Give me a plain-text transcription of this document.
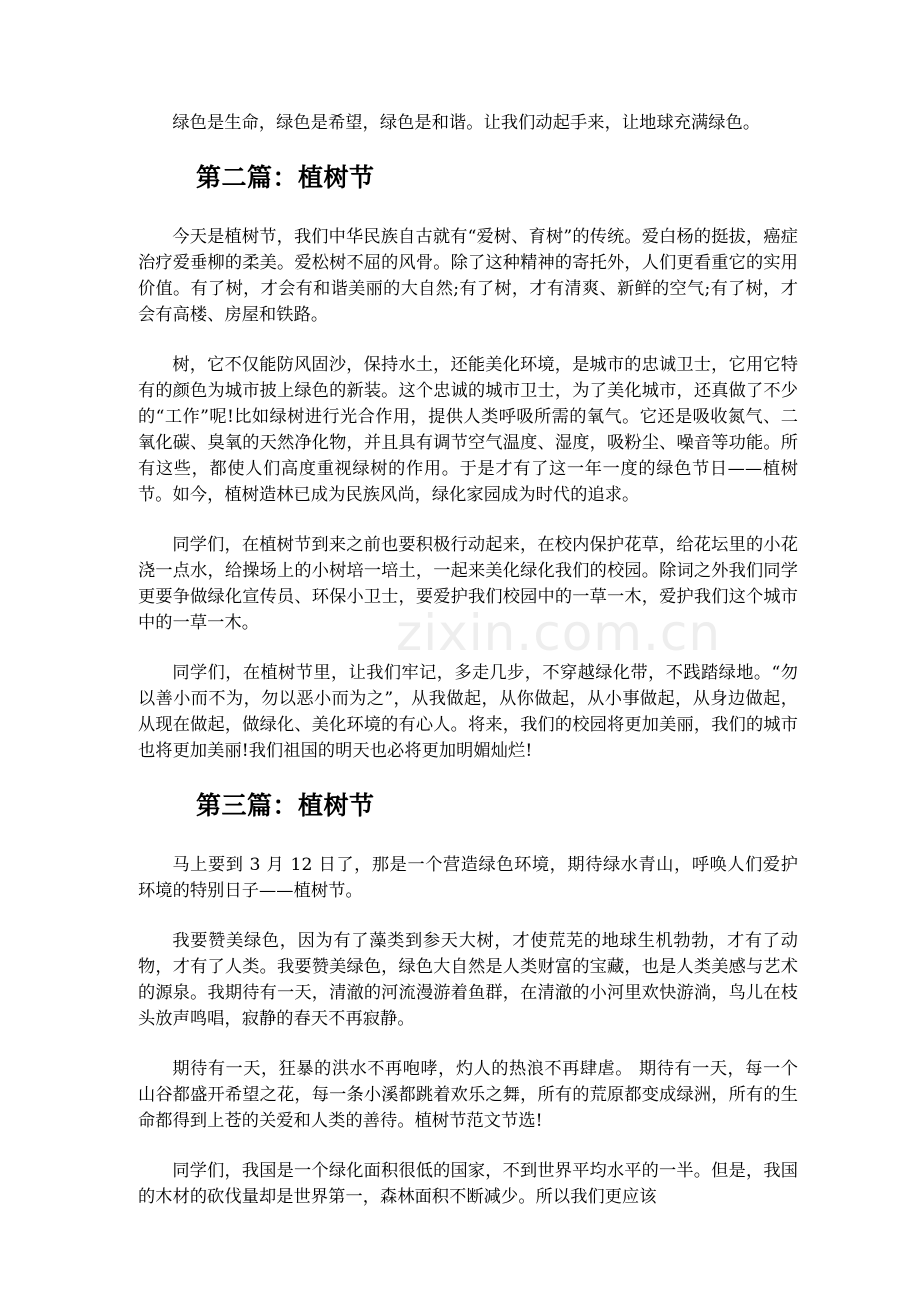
绿色是生命，绿色是希望，绿色是和谐。让我们动起手来，让地球充满绿色。

第二篇：植树节

今天是植树节，我们中华民族自古就有“爱树、育树”的传统。爱白杨的挺拔，癌症治疗爱垂柳的柔美。爱松树不屈的风骨。除了这种精神的寄托外，人们更看重它的实用价值。有了树，才会有和谐美丽的大自然;有了树，才有清爽、新鲜的空气;有了树，才会有高楼、房屋和铁路。

树，它不仅能防风固沙，保持水土，还能美化环境，是城市的忠诚卫士，它用它特有的颜色为城市披上绿色的新装。这个忠诚的城市卫士，为了美化城市，还真做了不少的“工作”呢!比如绿树进行光合作用，提供人类呼吸所需的氧气。它还是吸收氮气、二氧化碳、臭氧的天然净化物，并且具有调节空气温度、湿度，吸粉尘、噪音等功能。所有这些，都使人们高度重视绿树的作用。于是才有了这一年一度的绿色节日——植树节。如今，植树造林已成为民族风尚，绿化家园成为时代的追求。

同学们，在植树节到来之前也要积极行动起来，在校内保护花草，给花坛里的小花浇一点水，给操场上的小树培一培土，一起来美化绿化我们的校园。除词之外我们同学更要争做绿化宣传员、环保小卫士，要爱护我们校园中的一草一木，爱护我们这个城市中的一草一木。

同学们，在植树节里，让我们牢记，多走几步，不穿越绿化带，不践踏绿地。“勿以善小而不为，勿以恶小而为之”，从我做起，从你做起，从小事做起，从身边做起，从现在做起，做绿化、美化环境的有心人。将来，我们的校园将更加美丽，我们的城市也将更加美丽!我们祖国的明天也必将更加明媚灿烂!

第三篇：植树节

马上要到 3 月 12 日了，那是一个营造绿色环境，期待绿水青山，呼唤人们爱护环境的特别日子——植树节。

我要赞美绿色，因为有了藻类到参天大树，才使荒芜的地球生机勃勃，才有了动物，才有了人类。我要赞美绿色，绿色大自然是人类财富的宝藏，也是人类美感与艺术的源泉。我期待有一天，清澈的河流漫游着鱼群，在清澈的小河里欢快游淌，鸟儿在枝头放声鸣唱，寂静的春天不再寂静。

期待有一天，狂暴的洪水不再咆哮，灼人的热浪不再肆虐。 期待有一天，每一个山谷都盛开希望之花，每一条小溪都跳着欢乐之舞，所有的荒原都变成绿洲，所有的生命都得到上苍的关爱和人类的善待。植树节范文节选!

同学们，我国是一个绿化面积很低的国家，不到世界平均水平的一半。但是，我国的木材的砍伐量却是世界第一，森林面积不断减少。所以我们更应该

zixin.com.cn
